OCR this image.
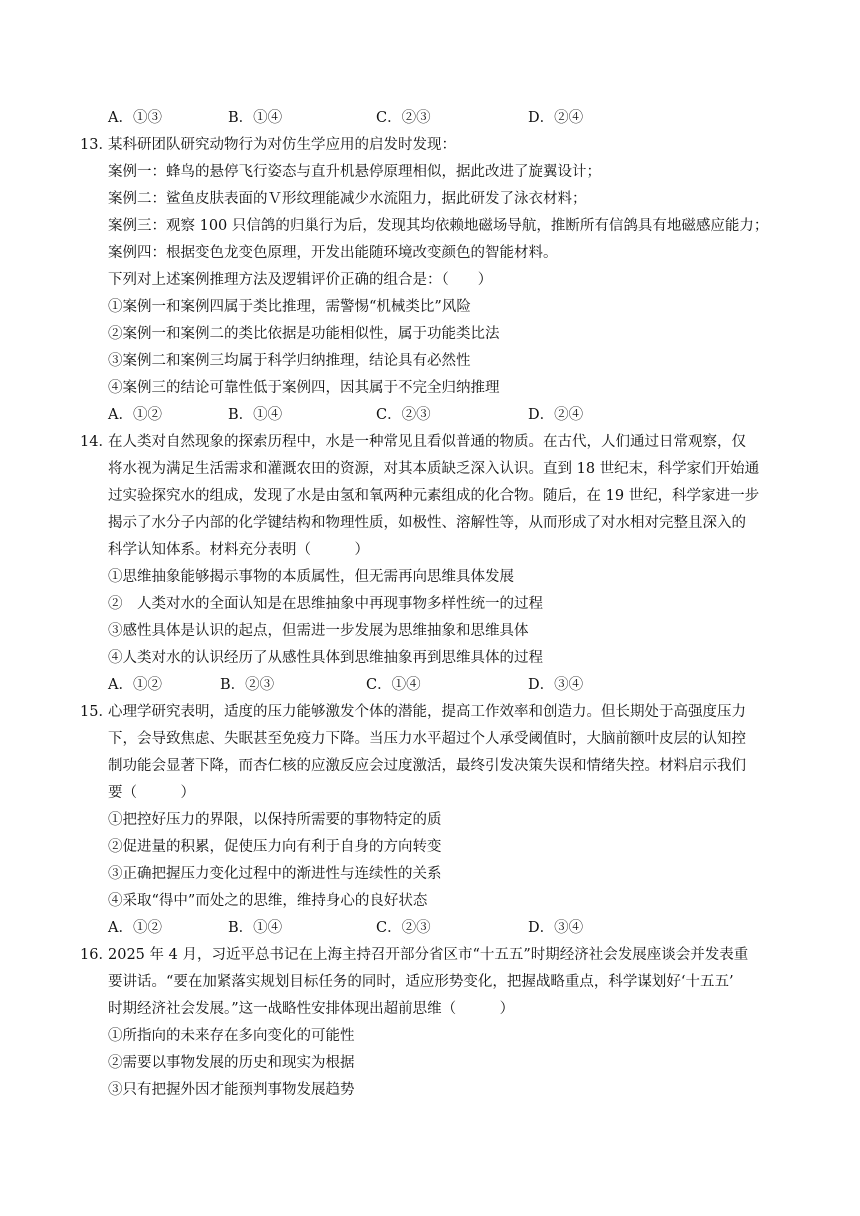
A．①③	B．①④	C．②③	D．②④
13．
某科研团队研究动物行为对仿生学应用的启发时发现：
案例一：蜂鸟的悬停飞行姿态与直升机悬停原理相似，据此改进了旋翼设计；
案例二：鲨鱼皮肤表面的Ｖ形纹理能减少水流阻力，据此研发了泳衣材料；
案例三：观察 100 只信鸽的归巢行为后，发现其均依赖地磁场导航，推断所有信鸽具有地磁感应能力；
案例四：根据变色龙变色原理，开发出能随环境改变颜色的智能材料。
下列对上述案例推理方法及逻辑评价正确的组合是：（　　）
①案例一和案例四属于类比推理，需警惕“机械类比”风险
②案例一和案例二的类比依据是功能相似性，属于功能类比法
③案例二和案例三均属于科学归纳推理，结论具有必然性
④案例三的结论可靠性低于案例四，因其属于不完全归纳推理
A．①②	B．①④	C．②③	D．②④
14．
在人类对自然现象的探索历程中，水是一种常见且看似普通的物质。在古代，人们通过日常观察，仅
将水视为满足生活需求和灌溉农田的资源，对其本质缺乏深入认识。直到 18 世纪末，科学家们开始通
过实验探究水的组成，发现了水是由氢和氧两种元素组成的化合物。随后，在 19 世纪，科学家进一步
揭示了水分子内部的化学键结构和物理性质，如极性、溶解性等，从而形成了对水相对完整且深入的
科学认知体系。材料充分表明（　　　）
①思维抽象能够揭示事物的本质属性，但无需再向思维具体发展
②　人类对水的全面认知是在思维抽象中再现事物多样性统一的过程
③感性具体是认识的起点，但需进一步发展为思维抽象和思维具体
④人类对水的认识经历了从感性具体到思维抽象再到思维具体的过程
A．①②	B．②③	C．①④	D．③④
15．
心理学研究表明，适度的压力能够激发个体的潜能，提高工作效率和创造力。但长期处于高强度压力
下，会导致焦虑、失眠甚至免疫力下降。当压力水平超过个人承受阈值时，大脑前额叶皮层的认知控
制功能会显著下降，而杏仁核的应激反应会过度激活，最终引发决策失误和情绪失控。材料启示我们
要（　　　）
①把控好压力的界限，以保持所需要的事物特定的质
②促进量的积累，促使压力向有利于自身的方向转变
③正确把握压力变化过程中的渐进性与连续性的关系
④采取“得中”而处之的思维，维持身心的良好状态
A．①②	B．①④	C．②③	D．③④
16．
2025 年 4 月，习近平总书记在上海主持召开部分省区市“十五五”时期经济社会发展座谈会并发表重
要讲话。“要在加紧落实规划目标任务的同时，适应形势变化，把握战略重点，科学谋划好‘十五五’
时期经济社会发展。”这一战略性安排体现出超前思维（　　　）
①所指向的未来存在多向变化的可能性
②需要以事物发展的历史和现实为根据
③只有把握外因才能预判事物发展趋势
